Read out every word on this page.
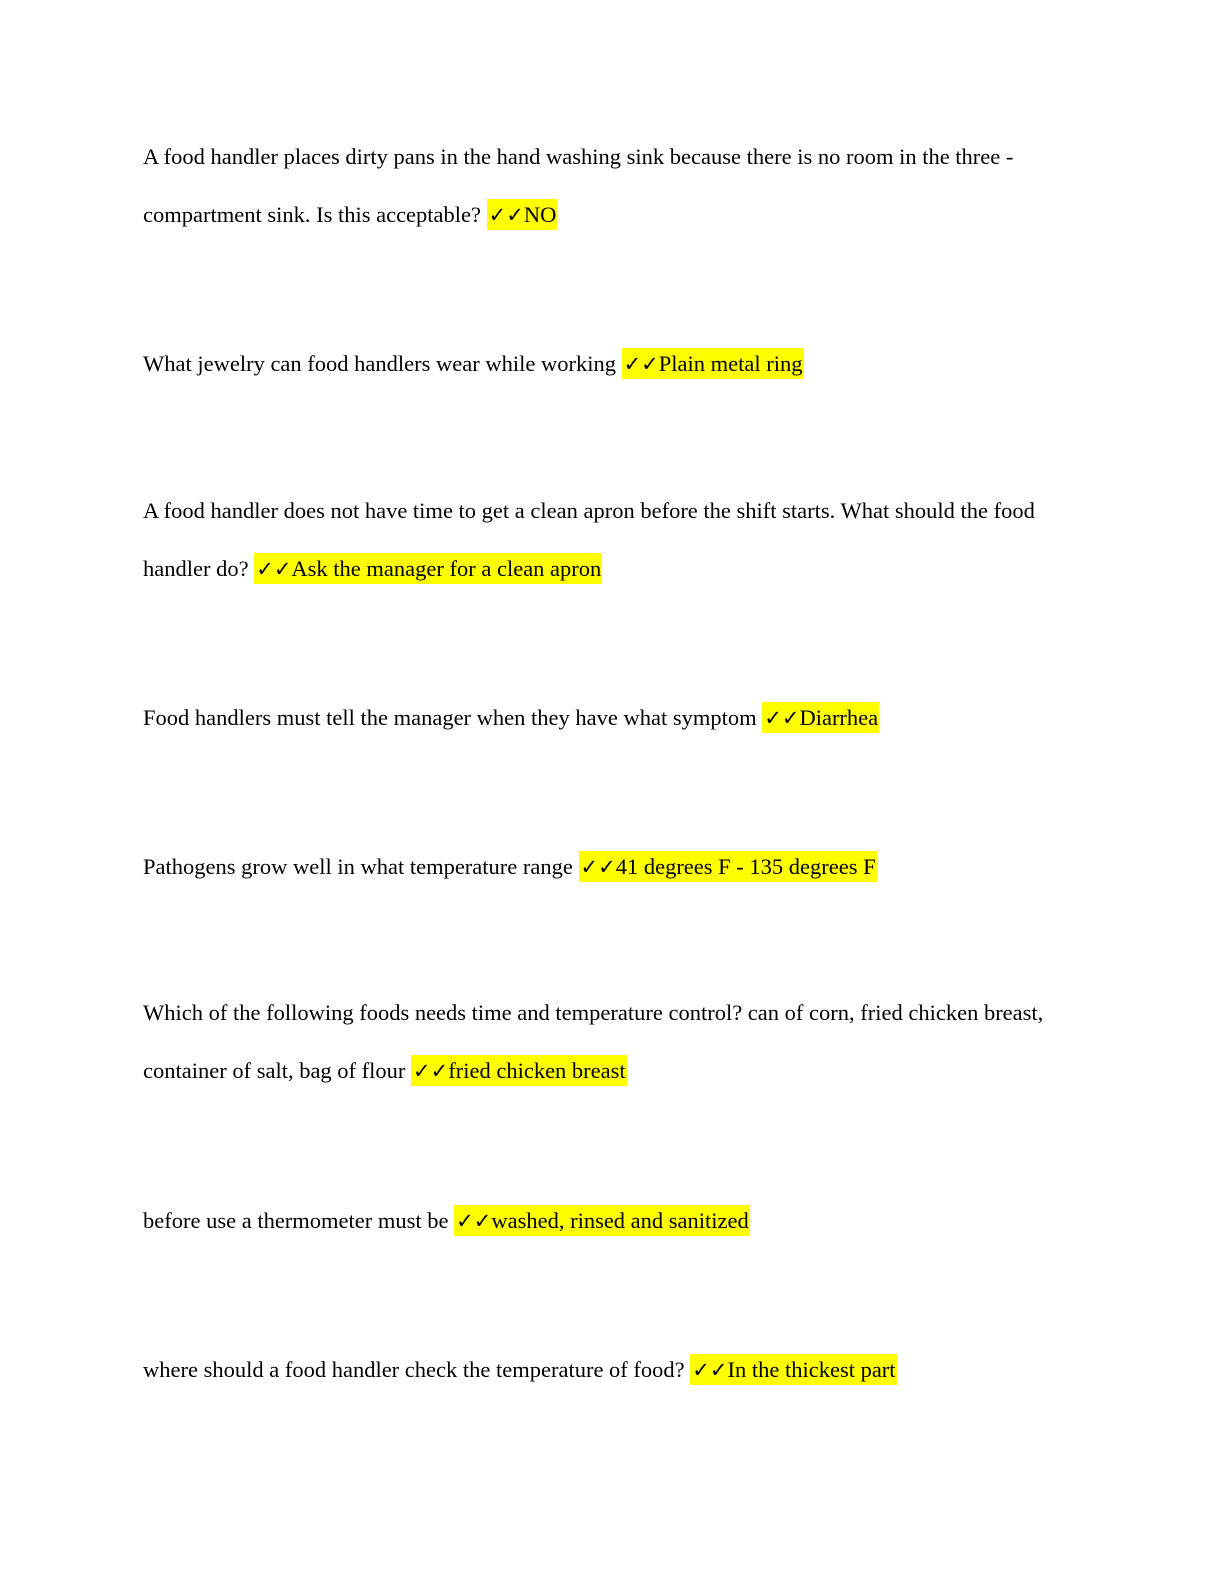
A food handler places dirty pans in the hand washing sink because there is no room in the three - compartment sink. Is this acceptable? ✓✓NO

What jewelry can food handlers wear while working ✓✓Plain metal ring

A food handler does not have time to get a clean apron before the shift starts. What should the food handler do? ✓✓Ask the manager for a clean apron

Food handlers must tell the manager when they have what symptom ✓✓Diarrhea

Pathogens grow well in what temperature range ✓✓41 degrees F - 135 degrees F

Which of the following foods needs time and temperature control? can of corn, fried chicken breast, container of salt, bag of flour ✓✓fried chicken breast

before use a thermometer must be ✓✓washed, rinsed and sanitized

where should a food handler check the temperature of food? ✓✓In the thickest part
